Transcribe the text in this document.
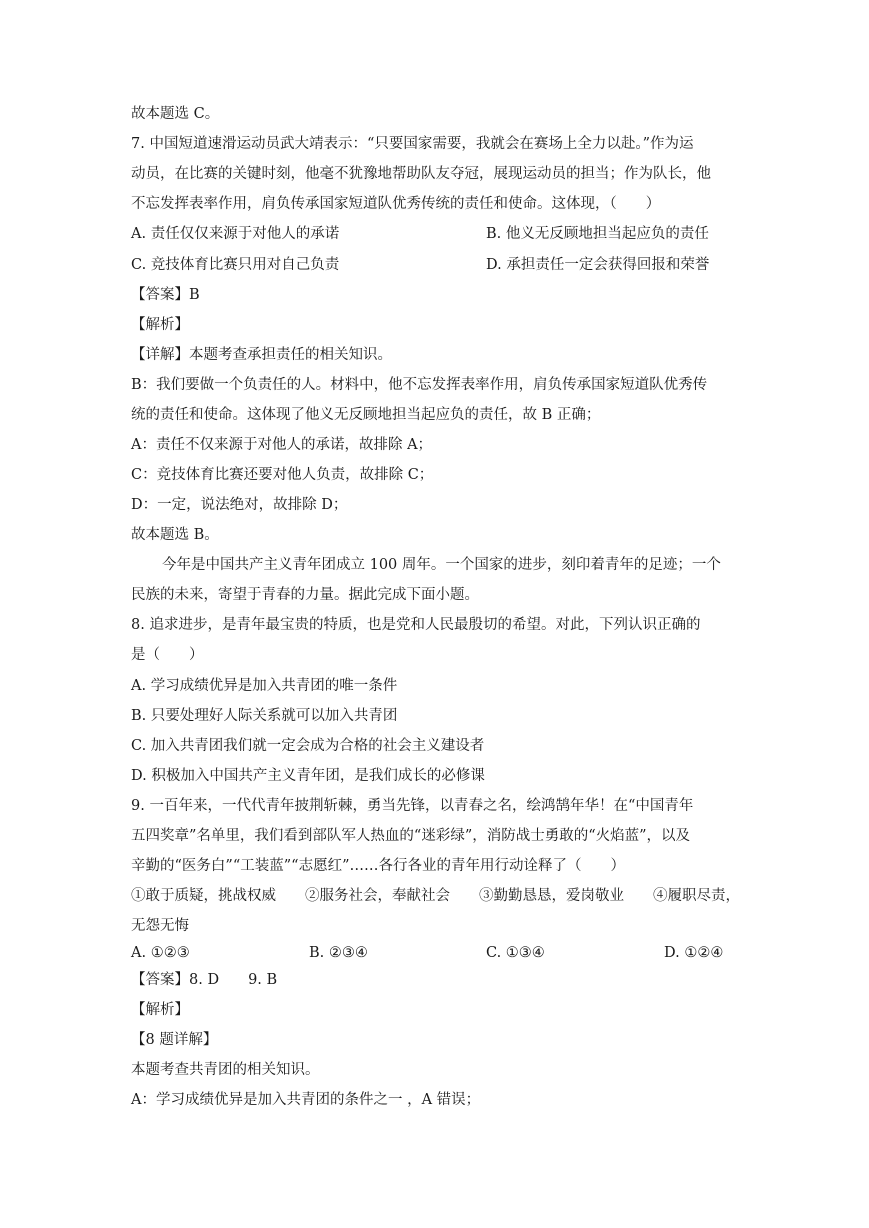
故本题选 C。
7. 中国短道速滑运动员武大靖表示：“只要国家需要，我就会在赛场上全力以赴。”作为运
动员，在比赛的关键时刻，他毫不犹豫地帮助队友夺冠，展现运动员的担当；作为队长，他
不忘发挥表率作用，肩负传承国家短道队优秀传统的责任和使命。这体现，（　　）
A. 责任仅仅来源于对他人的承诺	B. 他义无反顾地担当起应负的责任
C. 竞技体育比赛只用对自己负责	D. 承担责任一定会获得回报和荣誉
【答案】B
【解析】
【详解】本题考查承担责任的相关知识。
B：我们要做一个负责任的人。材料中，他不忘发挥表率作用，肩负传承国家短道队优秀传
统的责任和使命。这体现了他义无反顾地担当起应负的责任，故 B 正确；
A：责任不仅来源于对他人的承诺，故排除 A；
C：竞技体育比赛还要对他人负责，故排除 C；
D：一定，说法绝对，故排除 D；
故本题选 B。
今年是中国共产主义青年团成立 100 周年。一个国家的进步，刻印着青年的足迹；一个
民族的未来，寄望于青春的力量。据此完成下面小题。
8. 追求进步，是青年最宝贵的特质，也是党和人民最殷切的希望。对此，下列认识正确的
是（　　）
A. 学习成绩优异是加入共青团的唯一条件
B. 只要处理好人际关系就可以加入共青团
C. 加入共青团我们就一定会成为合格的社会主义建设者
D. 积极加入中国共产主义青年团，是我们成长的必修课
9. 一百年来，一代代青年披荆斩棘，勇当先锋，以青春之名，绘鸿鹄年华！在“中国青年
五四奖章”名单里，我们看到部队军人热血的“迷彩绿”，消防战士勇敢的“火焰蓝”，以及
辛勤的“医务白”“工装蓝”“志愿红”……各行各业的青年用行动诠释了（　　）
①敢于质疑，挑战权威　　②服务社会，奉献社会　　③勤勤恳恳，爱岗敬业　　④履职尽责，
无怨无悔
A. ①②③	B. ②③④	C. ①③④	D. ①②④
【答案】8. D　　9. B
【解析】
【8 题详解】
本题考查共青团的相关知识。
A：学习成绩优异是加入共青团的条件之一 ，A 错误；
